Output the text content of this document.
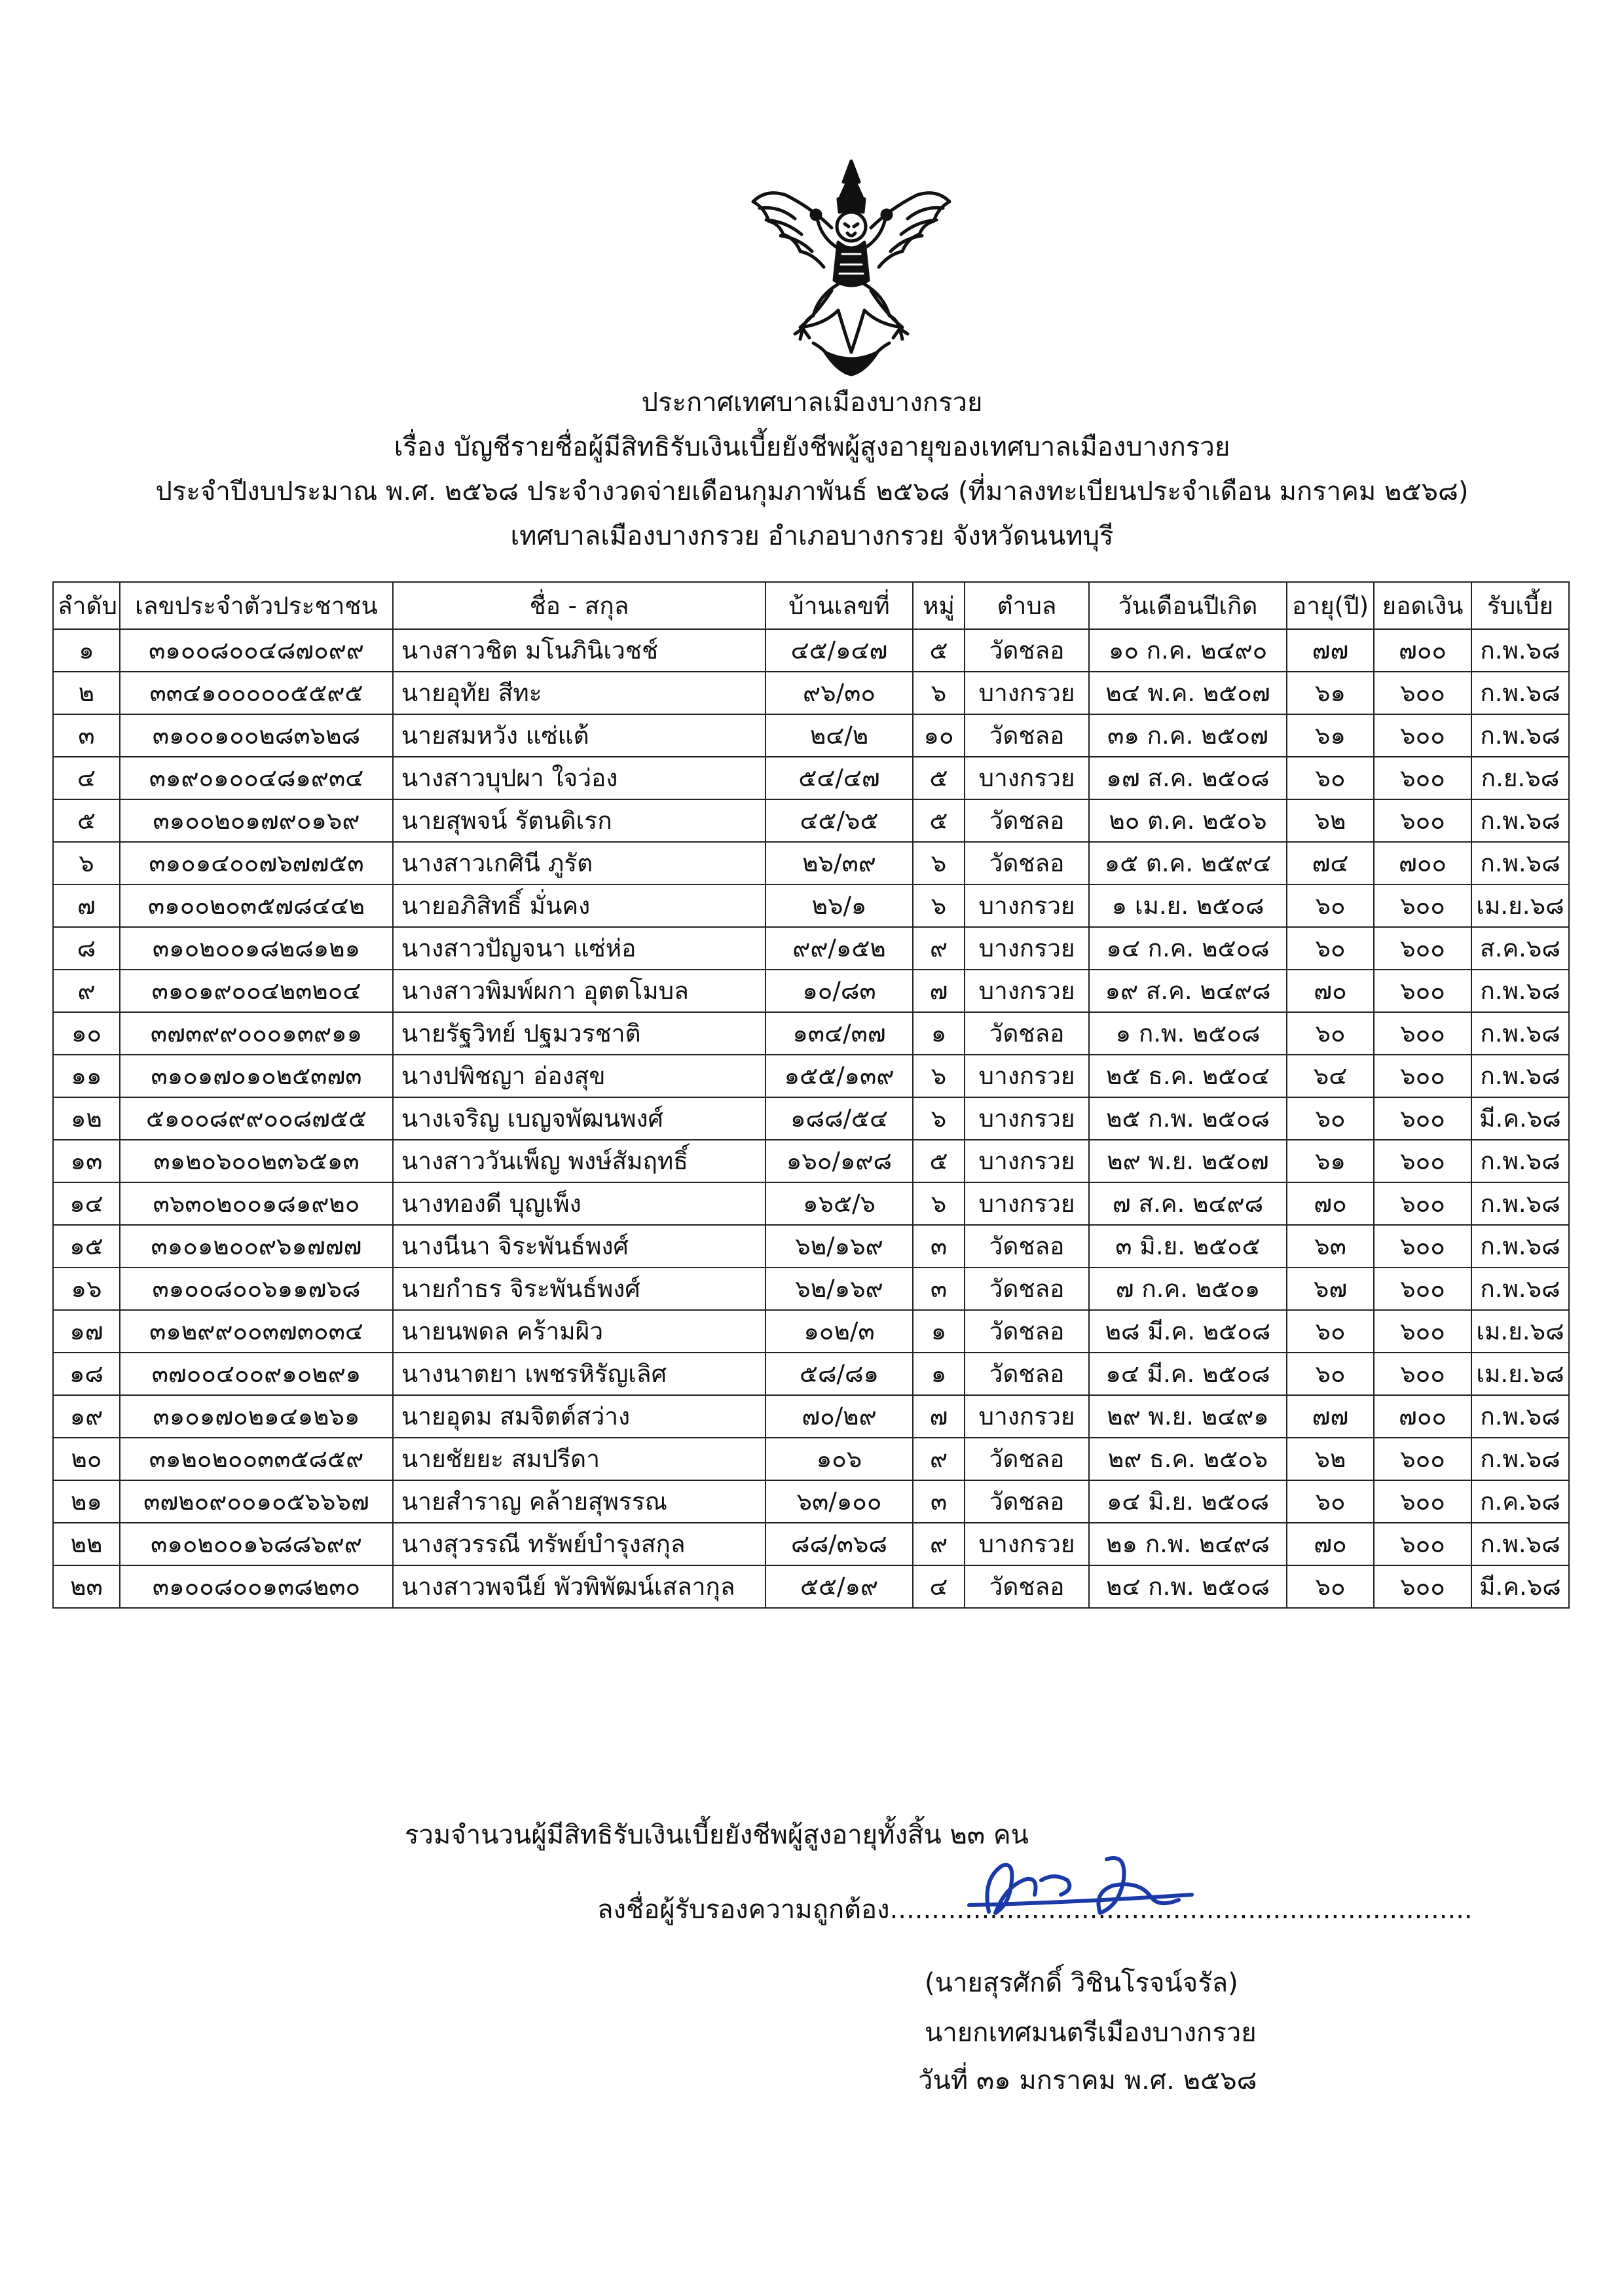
ประกาศเทศบาลเมืองบางกรวย
เรื่อง บัญชีรายชื่อผู้มีสิทธิรับเงินเบี้ยยังชีพผู้สูงอายุของเทศบาลเมืองบางกรวย
ประจำปีงบประมาณ พ.ศ. ๒๕๖๘ ประจำงวดจ่ายเดือนกุมภาพันธ์ ๒๕๖๘ (ที่มาลงทะเบียนประจำเดือน มกราคม ๒๕๖๘)
เทศบาลเมืองบางกรวย อำเภอบางกรวย จังหวัดนนทบุรี
ลำดับ	เลขประจำตัวประชาชน	ชื่อ - สกุล	บ้านเลขที่	หมู่	ตำบล	วันเดือนปีเกิด	อายุ(ปี)	ยอดเงิน	รับเบี้ย
๑	๓๑๐๐๘๐๐๔๘๗๐๙๙	นางสาวชิต มโนภินิเวชช์	๔๕/๑๔๗	๕	วัดชลอ	๑๐ ก.ค. ๒๔๙๐	๗๗	๗๐๐	ก.พ.๖๘
๒	๓๓๔๑๐๐๐๐๐๕๕๙๕	นายอุทัย สีทะ	๙๖/๓๐	๖	บางกรวย	๒๔ พ.ค. ๒๕๐๗	๖๑	๖๐๐	ก.พ.๖๘
๓	๓๑๐๐๑๐๐๒๘๓๖๒๘	นายสมหวัง แซ่แต้	๒๔/๒	๑๐	วัดชลอ	๓๑ ก.ค. ๒๕๐๗	๖๑	๖๐๐	ก.พ.๖๘
๔	๓๑๙๐๑๐๐๔๘๑๙๓๔	นางสาวบุปผา ใจว่อง	๕๔/๔๗	๕	บางกรวย	๑๗ ส.ค. ๒๕๐๘	๖๐	๖๐๐	ก.ย.๖๘
๕	๓๑๐๐๒๐๑๗๙๐๑๖๙	นายสุพจน์ รัตนดิเรก	๔๕/๖๕	๕	วัดชลอ	๒๐ ต.ค. ๒๕๐๖	๖๒	๖๐๐	ก.พ.๖๘
๖	๓๑๐๑๔๐๐๗๖๗๗๕๓	นางสาวเกศินี ภูรัต	๒๖/๓๙	๖	วัดชลอ	๑๕ ต.ค. ๒๕๙๔	๗๔	๗๐๐	ก.พ.๖๘
๗	๓๑๐๐๒๐๓๕๗๘๔๔๒	นายอภิสิทธิ์ มั่นคง	๒๖/๑	๖	บางกรวย	๑ เม.ย. ๒๕๐๘	๖๐	๖๐๐	เม.ย.๖๘
๘	๓๑๐๒๐๐๑๘๒๘๑๒๑	นางสาวปัญจนา แซ่ห่อ	๙๙/๑๕๒	๙	บางกรวย	๑๔ ก.ค. ๒๕๐๘	๖๐	๖๐๐	ส.ค.๖๘
๙	๓๑๐๑๙๐๐๔๒๓๒๐๔	นางสาวพิมพ์ผกา อุตตโมบล	๑๐/๘๓	๗	บางกรวย	๑๙ ส.ค. ๒๔๙๘	๗๐	๖๐๐	ก.พ.๖๘
๑๐	๓๗๓๙๙๐๐๐๑๓๙๑๑	นายรัฐวิทย์ ปฐมวรชาติ	๑๓๔/๓๗	๑	วัดชลอ	๑ ก.พ. ๒๕๐๘	๖๐	๖๐๐	ก.พ.๖๘
๑๑	๓๑๐๑๗๐๑๐๒๕๓๗๓	นางปพิชญา อ่องสุข	๑๕๕/๑๓๙	๖	บางกรวย	๒๕ ธ.ค. ๒๕๐๔	๖๔	๖๐๐	ก.พ.๖๘
๑๒	๕๑๐๐๘๙๙๐๐๘๗๕๕	นางเจริญ เบญจพัฒนพงศ์	๑๘๘/๕๔	๖	บางกรวย	๒๕ ก.พ. ๒๕๐๘	๖๐	๖๐๐	มี.ค.๖๘
๑๓	๓๑๒๐๖๐๐๒๓๖๕๑๓	นางสาววันเพ็ญ พงษ์สัมฤทธิ์	๑๖๐/๑๙๘	๕	บางกรวย	๒๙ พ.ย. ๒๕๐๗	๖๑	๖๐๐	ก.พ.๖๘
๑๔	๓๖๓๐๒๐๐๑๘๑๙๒๐	นางทองดี บุญเพ็ง	๑๖๕/๖	๖	บางกรวย	๗ ส.ค. ๒๔๙๘	๗๐	๖๐๐	ก.พ.๖๘
๑๕	๓๑๐๑๒๐๐๙๖๑๗๗๗	นางนีนา จิระพันธ์พงศ์	๖๒/๑๖๙	๓	วัดชลอ	๓ มิ.ย. ๒๕๐๕	๖๓	๖๐๐	ก.พ.๖๘
๑๖	๓๑๐๐๘๐๐๖๑๑๗๖๘	นายกำธร จิระพันธ์พงศ์	๖๒/๑๖๙	๓	วัดชลอ	๗ ก.ค. ๒๕๐๑	๖๗	๖๐๐	ก.พ.๖๘
๑๗	๓๑๒๙๙๐๐๓๗๓๐๓๔	นายนพดล คร้ามผิว	๑๐๒/๓	๑	วัดชลอ	๒๘ มี.ค. ๒๕๐๘	๖๐	๖๐๐	เม.ย.๖๘
๑๘	๓๗๐๐๔๐๐๙๑๐๒๙๑	นางนาตยา เพชรหิรัญเลิศ	๕๘/๘๑	๑	วัดชลอ	๑๔ มี.ค. ๒๕๐๘	๖๐	๖๐๐	เม.ย.๖๘
๑๙	๓๑๐๑๗๐๒๑๔๑๒๖๑	นายอุดม สมจิตต์สว่าง	๗๐/๒๙	๗	บางกรวย	๒๙ พ.ย. ๒๔๙๑	๗๗	๗๐๐	ก.พ.๖๘
๒๐	๓๑๒๐๒๐๐๓๓๕๘๕๙	นายชัยยะ สมปรีดา	๑๐๖	๙	วัดชลอ	๒๙ ธ.ค. ๒๕๐๖	๖๒	๖๐๐	ก.พ.๖๘
๒๑	๓๗๒๐๙๐๐๑๐๕๖๖๖๗	นายสำราญ คล้ายสุพรรณ	๖๓/๑๐๐	๓	วัดชลอ	๑๔ มิ.ย. ๒๕๐๘	๖๐	๖๐๐	ก.ค.๖๘
๒๒	๓๑๐๒๐๐๑๖๘๘๖๙๙	นางสุวรรณี ทรัพย์บำรุงสกุล	๘๘/๓๖๘	๙	บางกรวย	๒๑ ก.พ. ๒๔๙๘	๗๐	๖๐๐	ก.พ.๖๘
๒๓	๓๑๐๐๘๐๐๑๓๘๒๓๐	นางสาวพจนีย์ พัวพิพัฒน์เสลากุล	๕๕/๑๙	๔	วัดชลอ	๒๔ ก.พ. ๒๕๐๘	๖๐	๖๐๐	มี.ค.๖๘
รวมจำนวนผู้มีสิทธิรับเงินเบี้ยยังชีพผู้สูงอายุทั้งสิ้น ๒๓ คน
ลงชื่อผู้รับรองความถูกต้อง......................................................................
(นายสุรศักดิ์ วิชินโรจน์จรัล)
นายกเทศมนตรีเมืองบางกรวย
วันที่ ๓๑ มกราคม พ.ศ. ๒๕๖๘
